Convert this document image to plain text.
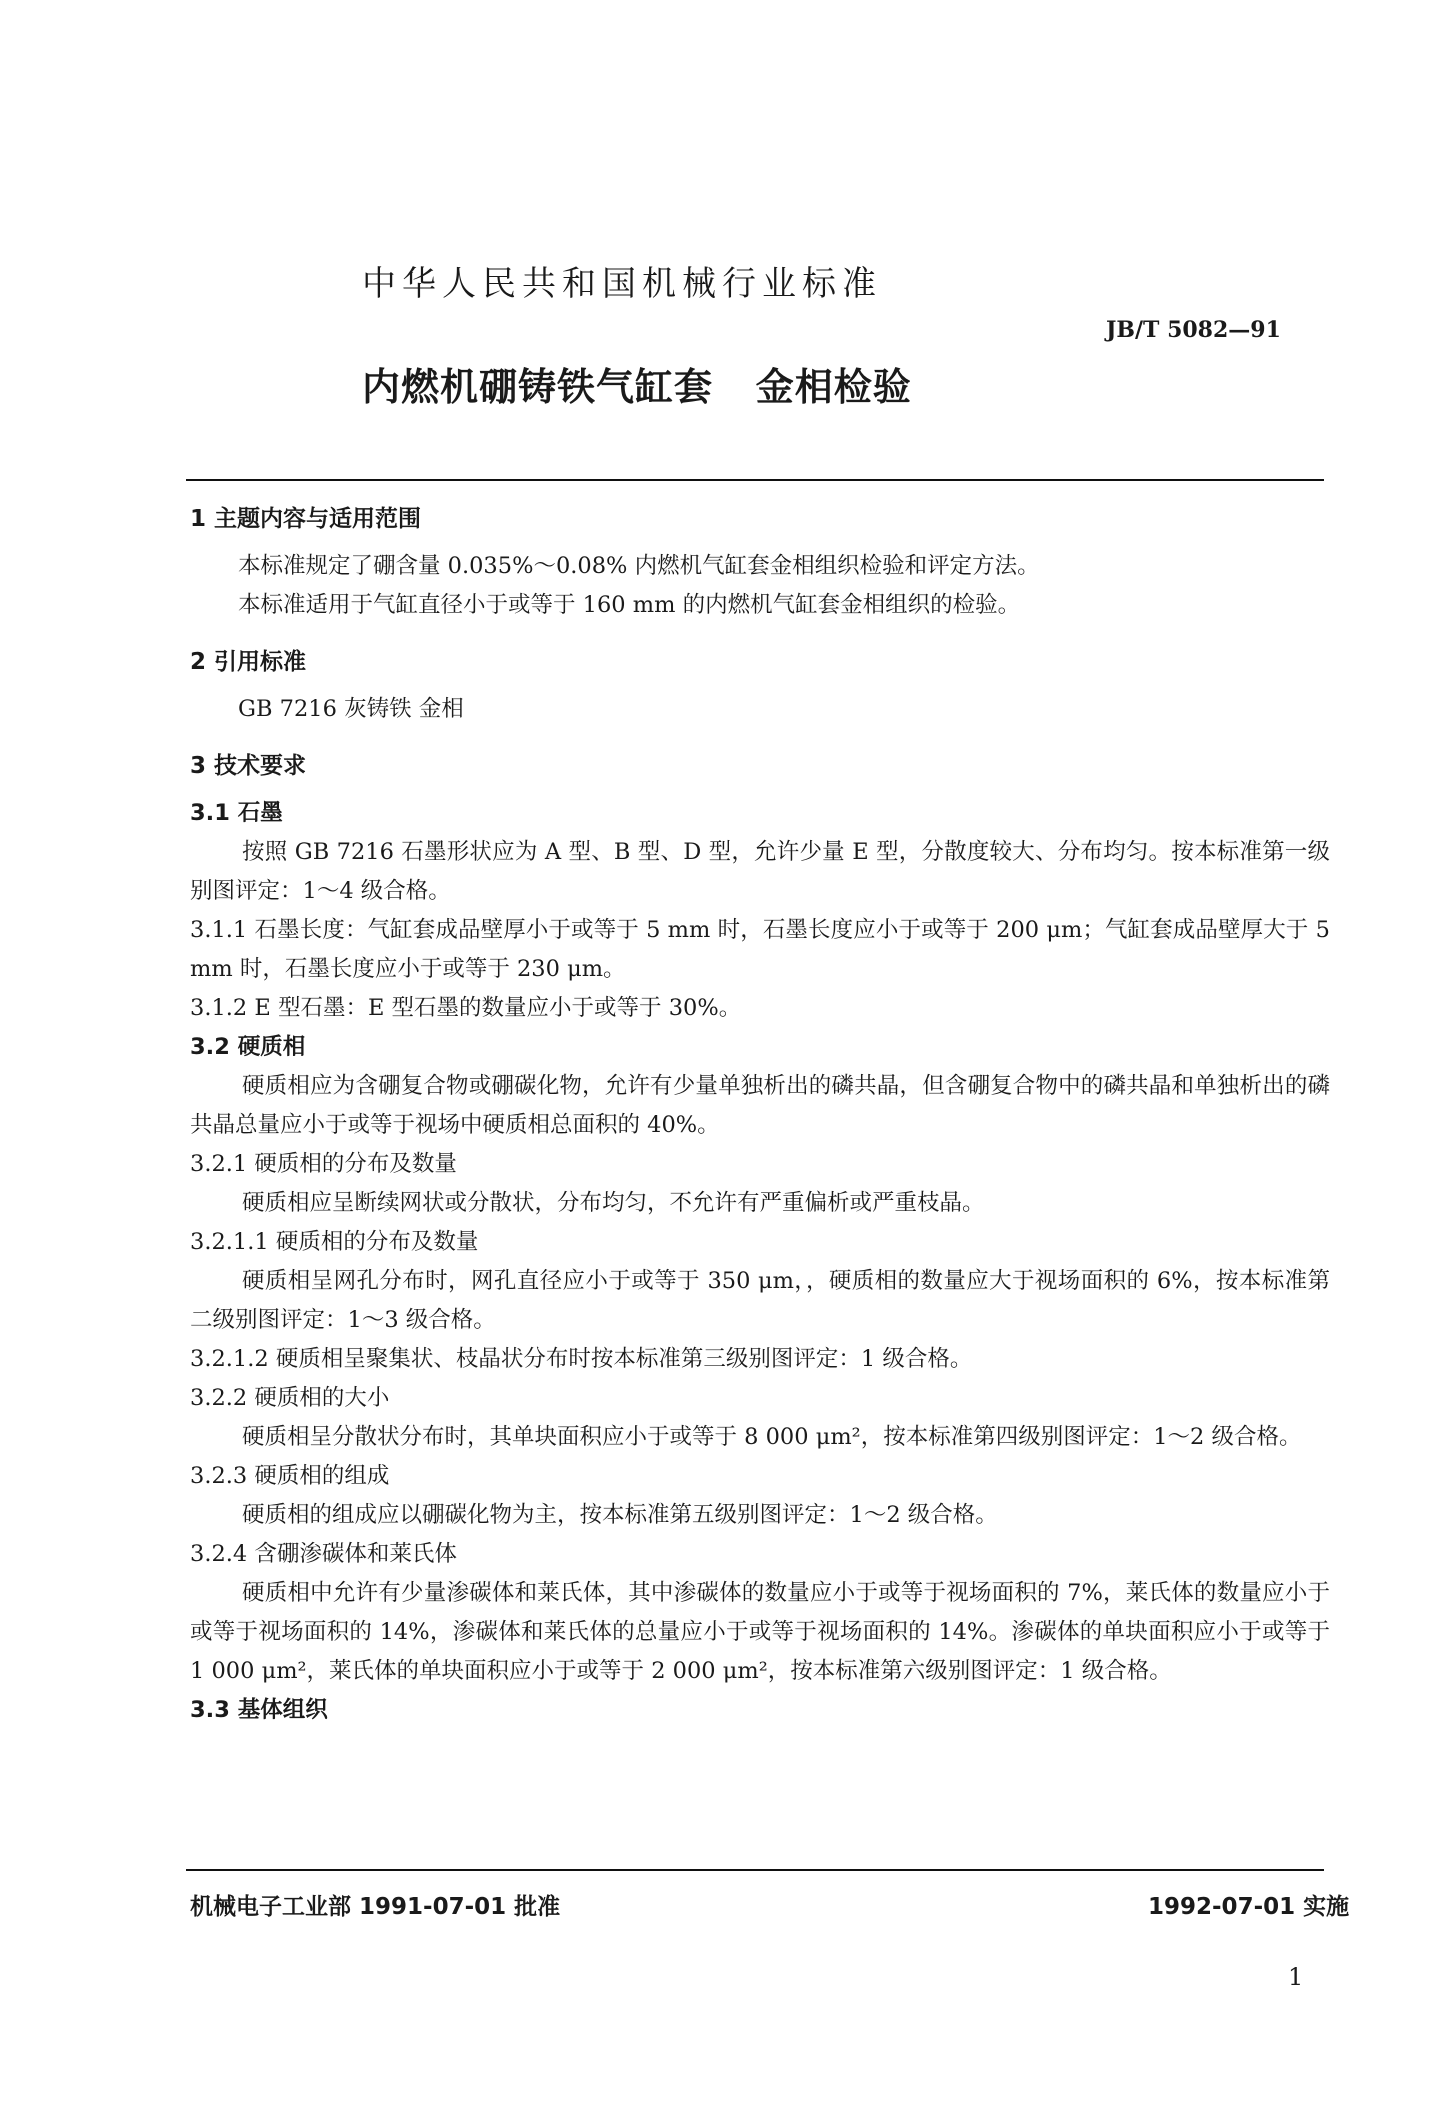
中华人民共和国机械行业标准
JB/T 5082—91
内燃机硼铸铁气缸套   金相检验
1 主题内容与适用范围
本标准规定了硼含量 0.035%～0.08% 内燃机气缸套金相组织检验和评定方法。
本标准适用于气缸直径小于或等于 160 mm 的内燃机气缸套金相组织的检验。
2 引用标准
GB 7216 灰铸铁 金相
3 技术要求
3.1 石墨
按照 GB 7216 石墨形状应为 A 型、B 型、D 型，允许少量 E 型，分散度较大、分布均匀。按本标准第一级别图评定：1～4 级合格。
3.1.1 石墨长度：气缸套成品壁厚小于或等于 5 mm 时，石墨长度应小于或等于 200 μm；气缸套成品壁厚大于 5 mm 时，石墨长度应小于或等于 230 μm。
3.1.2 E 型石墨：E 型石墨的数量应小于或等于 30%。
3.2 硬质相
硬质相应为含硼复合物或硼碳化物，允许有少量单独析出的磷共晶，但含硼复合物中的磷共晶和单独析出的磷共晶总量应小于或等于视场中硬质相总面积的 40%。
3.2.1 硬质相的分布及数量
硬质相应呈断续网状或分散状，分布均匀，不允许有严重偏析或严重枝晶。
3.2.1.1 硬质相的分布及数量
硬质相呈网孔分布时，网孔直径应小于或等于 350 μm，，硬质相的数量应大于视场面积的 6%，按本标准第二级别图评定：1～3 级合格。
3.2.1.2 硬质相呈聚集状、枝晶状分布时按本标准第三级别图评定：1 级合格。
3.2.2 硬质相的大小
硬质相呈分散状分布时，其单块面积应小于或等于 8 000 μm²，按本标准第四级别图评定：1～2 级合格。
3.2.3 硬质相的组成
硬质相的组成应以硼碳化物为主，按本标准第五级别图评定：1～2 级合格。
3.2.4 含硼渗碳体和莱氏体
硬质相中允许有少量渗碳体和莱氏体，其中渗碳体的数量应小于或等于视场面积的 7%，莱氏体的数量应小于或等于视场面积的 14%，渗碳体和莱氏体的总量应小于或等于视场面积的 14%。渗碳体的单块面积应小于或等于 1 000 μm²，莱氏体的单块面积应小于或等于 2 000 μm²，按本标准第六级别图评定：1 级合格。
3.3 基体组织
机械电子工业部 1991-07-01 批准	1992-07-01 实施
1
